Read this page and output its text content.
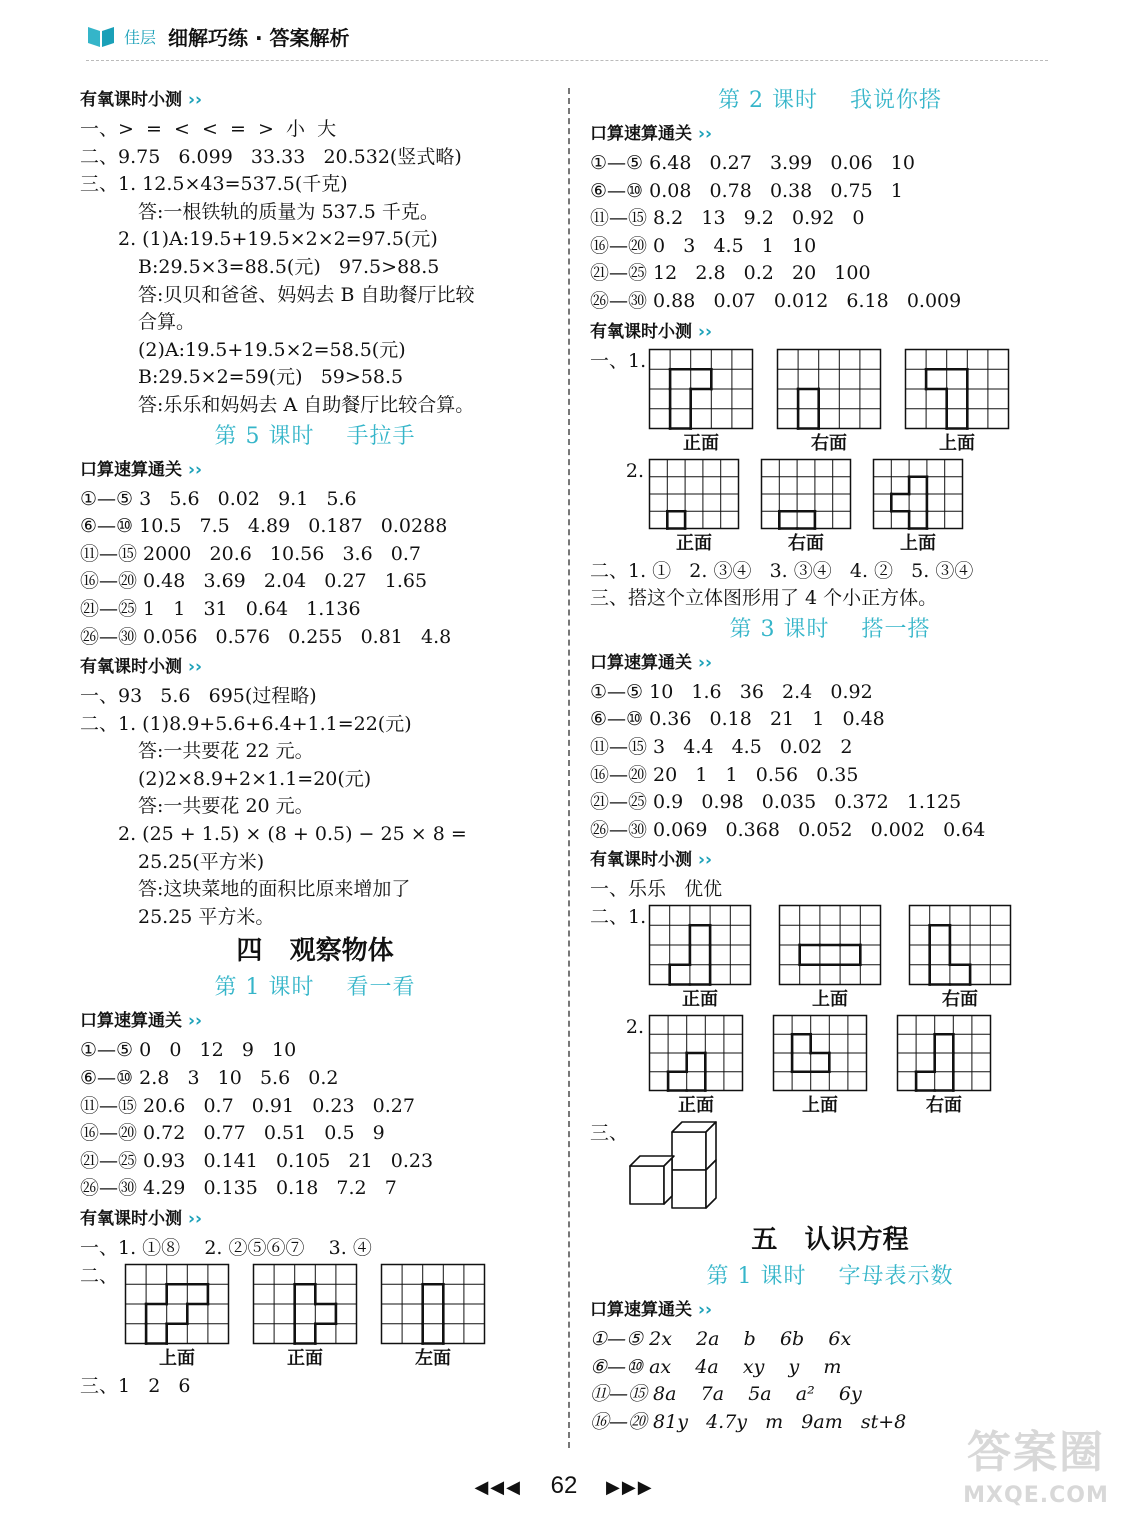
佳层 细解巧练 · 答案解析
有氧课时小测 ››
一、>  =  <  <  =  >  小  大
二、9.75   6.099   33.33   20.532(竖式略)
三、1. 12.5×43=537.5(千克)
答:一根铁轨的质量为 537.5 千克。
2. (1)A:19.5+19.5×2×2=97.5(元)
B:29.5×3=88.5(元)   97.5>88.5
答:贝贝和爸爸、妈妈去 B 自助餐厅比较
合算。
(2)A:19.5+19.5×2=58.5(元)
B:29.5×2=59(元)   59>58.5
答:乐乐和妈妈去 A 自助餐厅比较合算。
第 5 课时    手拉手
口算速算通关 ››
①—⑤ 3   5.6   0.02   9.1   5.6
⑥—⑩ 10.5   7.5   4.89   0.187   0.0288
⑪—⑮ 2000   20.6   10.56   3.6   0.7
⑯—⑳ 0.48   3.69   2.04   0.27   1.65
㉑—㉕ 1   1   31   0.64   1.136
㉖—㉚ 0.056   0.576   0.255   0.81   4.8
有氧课时小测 ››
一、93   5.6   695(过程略)
二、1. (1)8.9+5.6+6.4+1.1=22(元)
答:一共要花 22 元。
(2)2×8.9+2×1.1=20(元)
答:一共要花 20 元。
2. (25 + 1.5) × (8 + 0.5) − 25 × 8 =
25.25(平方米)
答:这块菜地的面积比原来增加了
25.25 平方米。
四   观察物体
第 1 课时    看一看
口算速算通关 ››
①—⑤ 0   0   12   9   10
⑥—⑩ 2.8   3   10   5.6   0.2
⑪—⑮ 20.6   0.7   0.91   0.23   0.27
⑯—⑳ 0.72   0.77   0.51   0.5   9
㉑—㉕ 0.93   0.141   0.105   21   0.23
㉖—㉚ 4.29   0.135   0.18   7.2   7
有氧课时小测 ››
一、1. ①⑧    2. ②⑤⑥⑦    3. ④
二、
上面	正面	左面
三、1   2   6
第 2 课时    我说你搭
口算速算通关 ››
①—⑤ 6.48   0.27   3.99   0.06   10
⑥—⑩ 0.08   0.78   0.38   0.75   1
⑪—⑮ 8.2   13   9.2   0.92   0
⑯—⑳ 0   3   4.5   1   10
㉑—㉕ 12   2.8   0.2   20   100
㉖—㉚ 0.88   0.07   0.012   6.18   0.009
有氧课时小测 ››
一、1.
正面	右面	上面
2.
正面	右面	上面
二、1. ①   2. ③④   3. ③④   4. ②   5. ③④
三、搭这个立体图形用了 4 个小正方体。
第 3 课时    搭一搭
口算速算通关 ››
①—⑤ 10   1.6   36   2.4   0.92
⑥—⑩ 0.36   0.18   21   1   0.48
⑪—⑮ 3   4.4   4.5   0.02   2
⑯—⑳ 20   1   1   0.56   0.35
㉑—㉕ 0.9   0.98   0.035   0.372   1.125
㉖—㉚ 0.069   0.368   0.052   0.002   0.64
有氧课时小测 ››
一、乐乐   优优
二、1.
正面	上面	右面
2.
正面	上面	右面
三、
五   认识方程
第 1 课时    字母表示数
口算速算通关 ››
①—⑤ 2x    2a    b    6b    6x
⑥—⑩ ax    4a    xy    y    m
⑪—⑮ 8a    7a    5a    a²    6y
⑯—⑳ 81y   4.7y   m   9am   st+8
◀◀◀ 62 ▶▶▶
答案圈
MXQE.COM
